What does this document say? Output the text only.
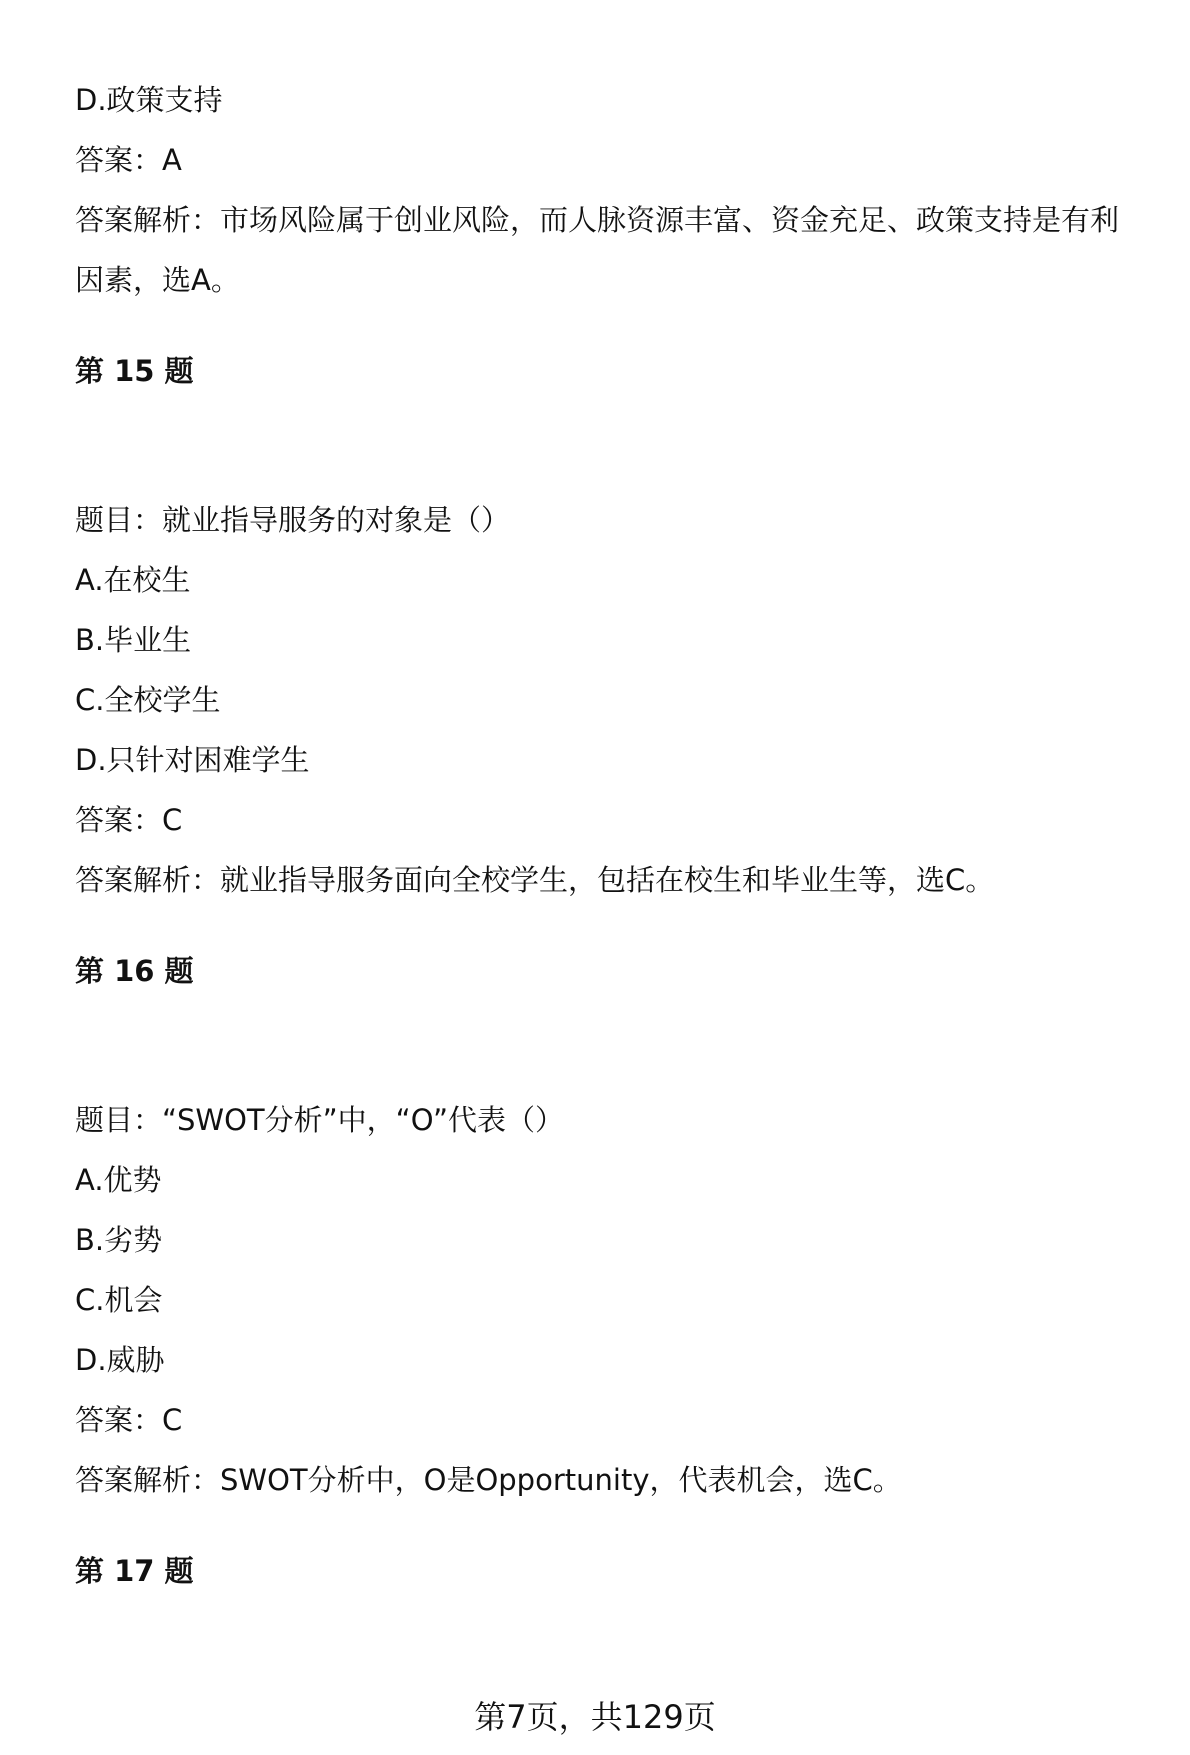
D.政策支持

答案：A

答案解析：市场风险属于创业风险，而人脉资源丰富、资金充足、政策支持是有利

因素，选A。

第 15 题

题目：就业指导服务的对象是（）

A.在校生

B.毕业生

C.全校学生

D.只针对困难学生

答案：C

答案解析：就业指导服务面向全校学生，包括在校生和毕业生等，选C。

第 16 题

题目：“SWOT分析”中，“O”代表（）

A.优势

B.劣势

C.机会

D.威胁

答案：C

答案解析：SWOT分析中，O是Opportunity，代表机会，选C。

第 17 题

第7页，共129页
